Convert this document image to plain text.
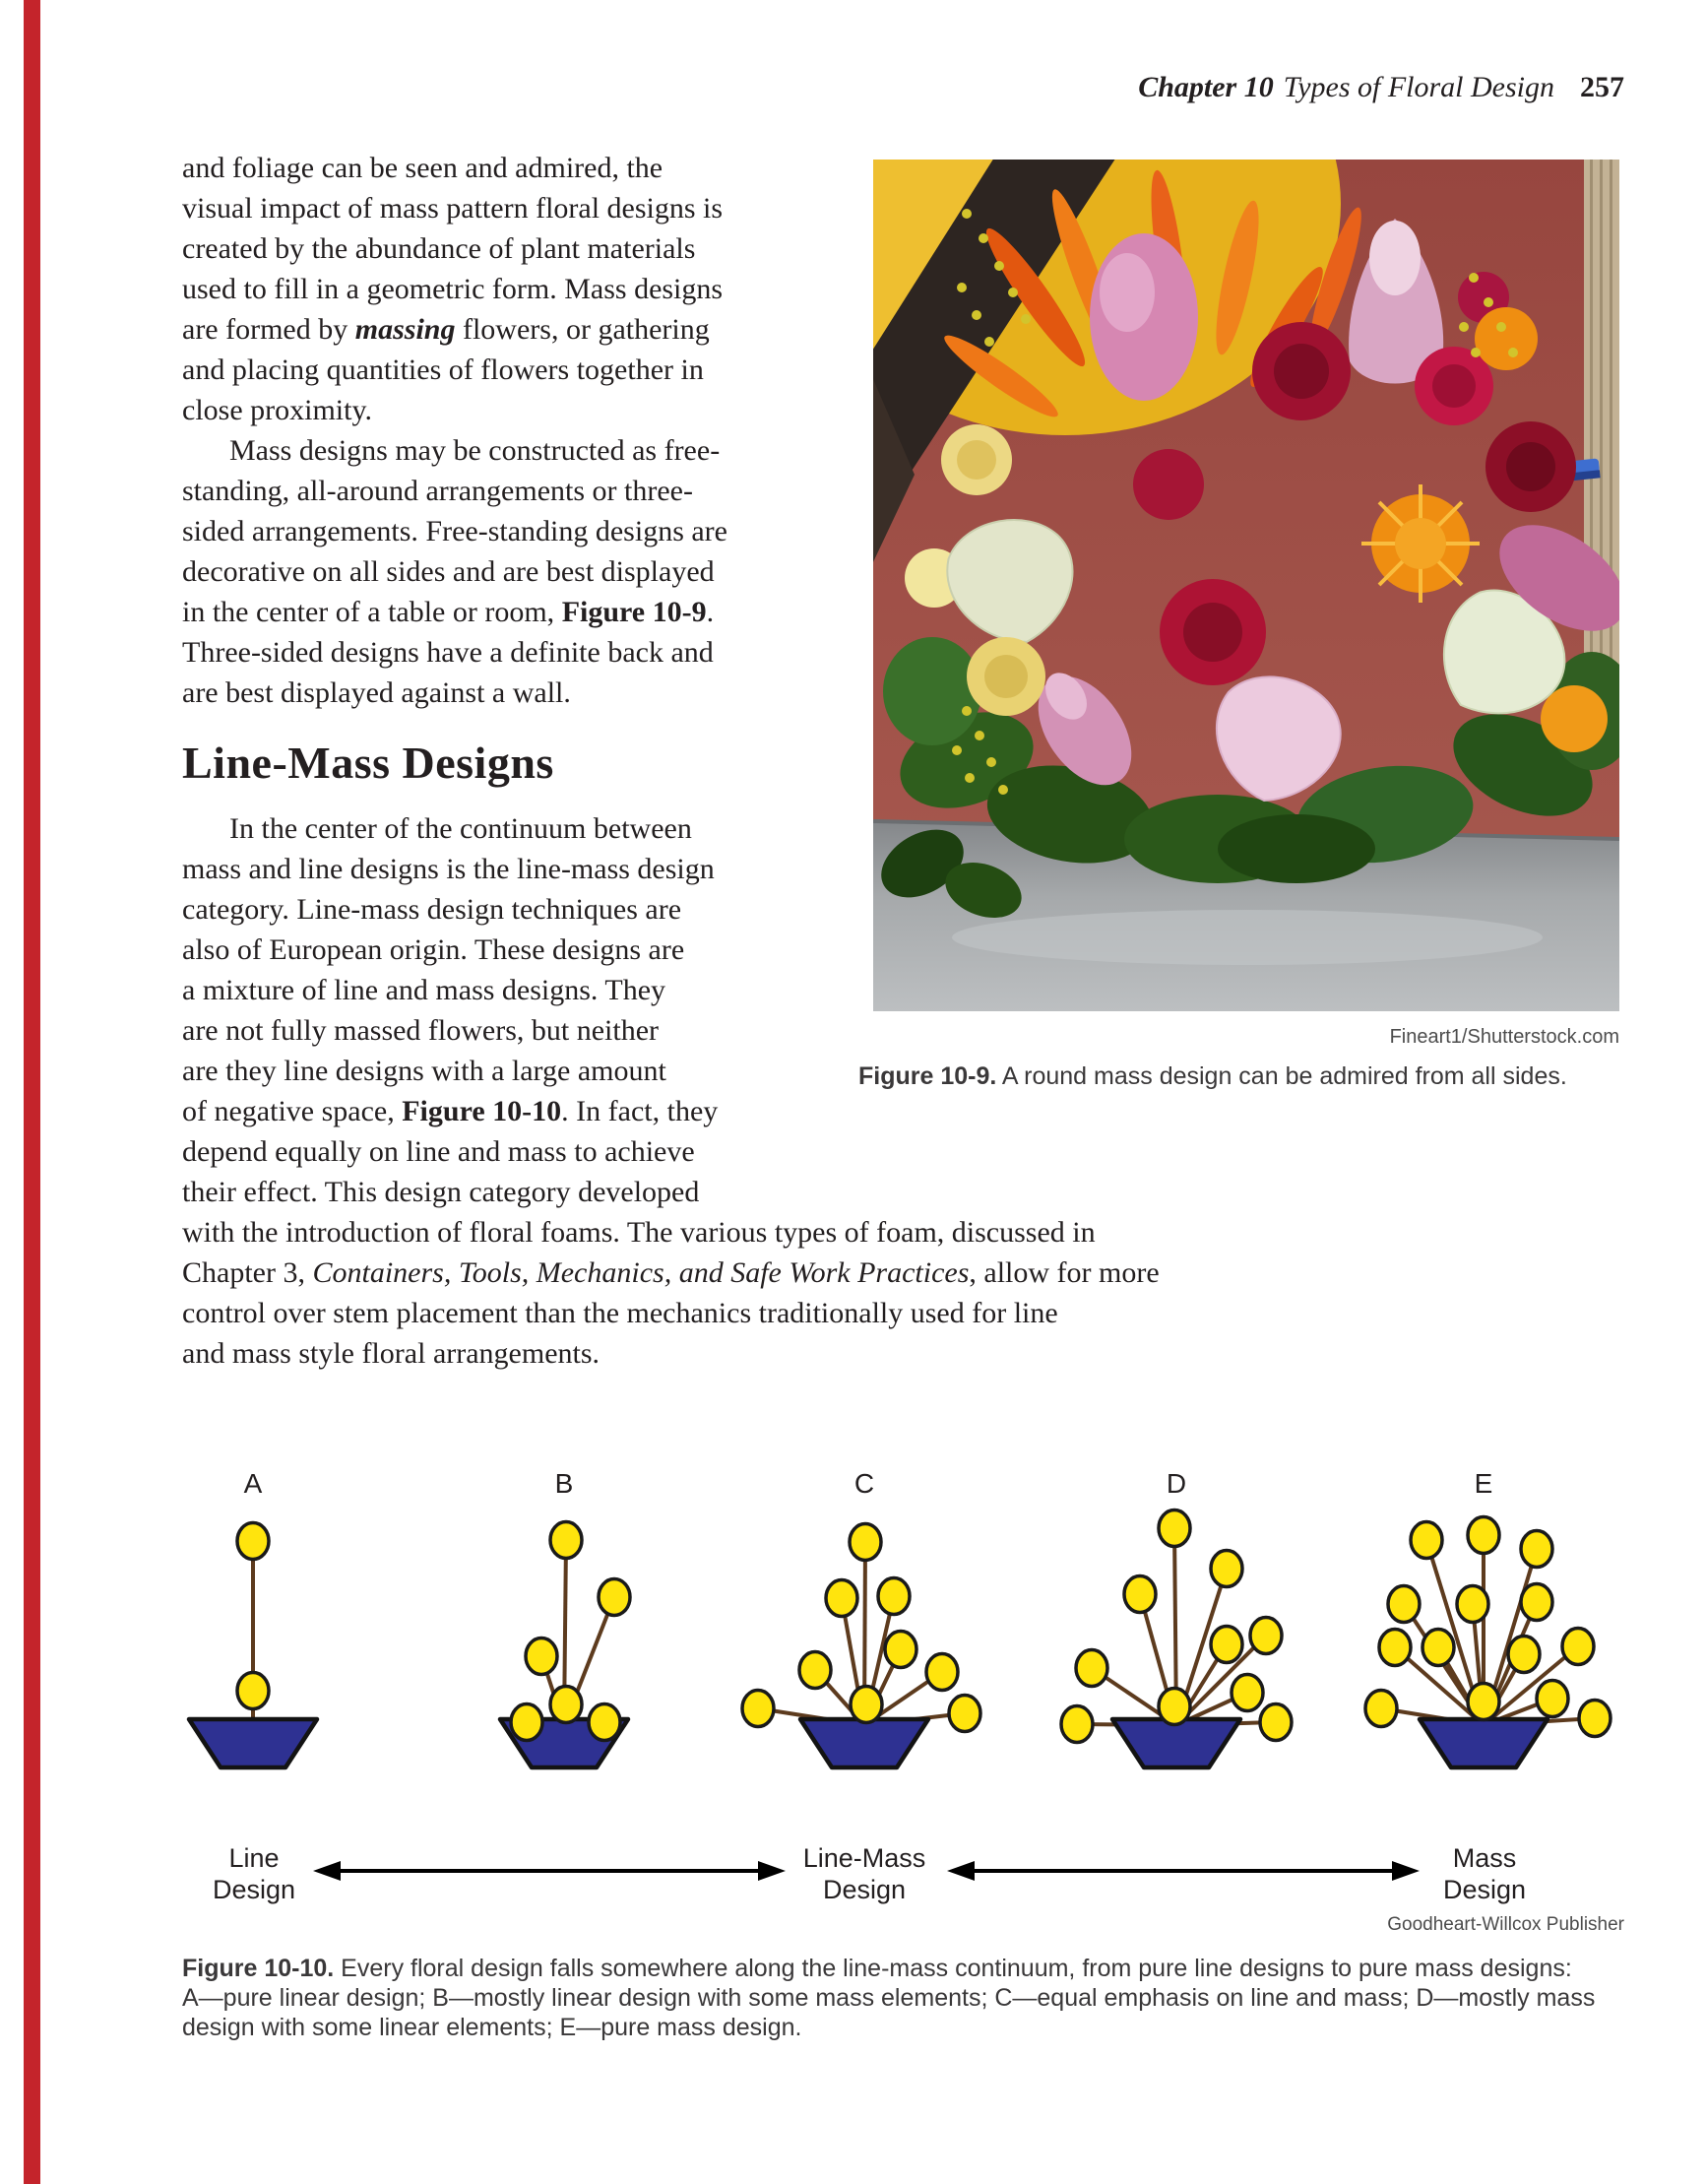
Chapter 10 Types of Floral Design 257
and foliage can be seen and admired, the
visual impact of mass pattern floral designs is
created by the abundance of plant materials
used to fill in a geometric form. Mass designs
are formed by massing flowers, or gathering
and placing quantities of flowers together in
close proximity.
Mass designs may be constructed as free-
standing, all-around arrangements or three-
sided arrangements. Free-standing designs are
decorative on all sides and are best displayed
in the center of a table or room, Figure 10-9.
Three-sided designs have a definite back and
are best displayed against a wall.
Line-Mass Designs
In the center of the continuum between
mass and line designs is the line-mass design
category. Line-mass design techniques are
also of European origin. These designs are
a mixture of line and mass designs. They
are not fully massed flowers, but neither
are they line designs with a large amount
of negative space, Figure 10-10. In fact, they
depend equally on line and mass to achieve
their effect. This design category developed
with the introduction of floral foams. The various types of foam, discussed in
Chapter 3, Containers, Tools, Mechanics, and Safe Work Practices, allow for more
control over stem placement than the mechanics traditionally used for line
and mass style floral arrangements.
Fineart1/Shutterstock.com
Figure 10-9. A round mass design can be admired from all sides.
A	B	C	D	E
Line
Design
Line-Mass
Design
Mass
Design
Goodheart-Willcox Publisher
Figure 10-10. Every floral design falls somewhere along the line-mass continuum, from pure line designs to pure mass designs:
A—pure linear design; B—mostly linear design with some mass elements; C—equal emphasis on line and mass; D—mostly mass
design with some linear elements; E—pure mass design.
